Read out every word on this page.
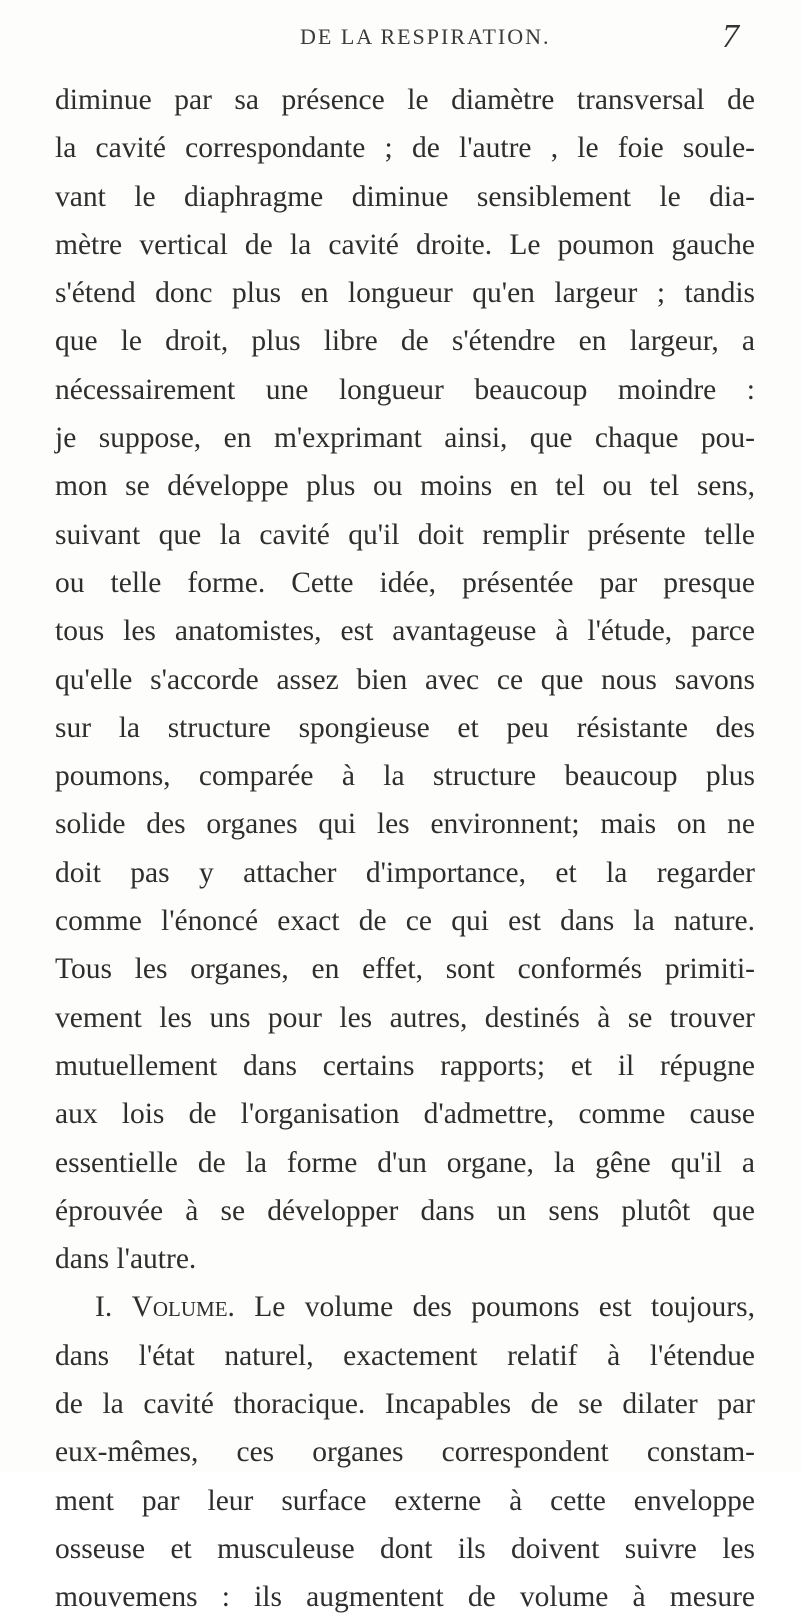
DE LA RESPIRATION.	7
diminue par sa présence le diamètre transversal de
la cavité correspondante ; de l'autre , le foie soule-
vant le diaphragme diminue sensiblement le dia-
mètre vertical de la cavité droite. Le poumon gauche
s'étend donc plus en longueur qu'en largeur ; tandis
que le droit, plus libre de s'étendre en largeur, a
nécessairement une longueur beaucoup moindre :
je suppose, en m'exprimant ainsi, que chaque pou-
mon se développe plus ou moins en tel ou tel sens,
suivant que la cavité qu'il doit remplir présente telle
ou telle forme. Cette idée, présentée par presque
tous les anatomistes, est avantageuse à l'étude, parce
qu'elle s'accorde assez bien avec ce que nous savons
sur la structure spongieuse et peu résistante des
poumons, comparée à la structure beaucoup plus
solide des organes qui les environnent; mais on ne
doit pas y attacher d'importance, et la regarder
comme l'énoncé exact de ce qui est dans la nature.
Tous les organes, en effet, sont conformés primiti-
vement les uns pour les autres, destinés à se trouver
mutuellement dans certains rapports; et il répugne
aux lois de l'organisation d'admettre, comme cause
essentielle de la forme d'un organe, la gêne qu'il a
éprouvée à se développer dans un sens plutôt que
dans l'autre.
I. Volume. Le volume des poumons est toujours,
dans l'état naturel, exactement relatif à l'étendue
de la cavité thoracique. Incapables de se dilater par
eux-mêmes, ces organes correspondent constam-
ment par leur surface externe à cette enveloppe
osseuse et musculeuse dont ils doivent suivre les
mouvemens : ils augmentent de volume à mesure
